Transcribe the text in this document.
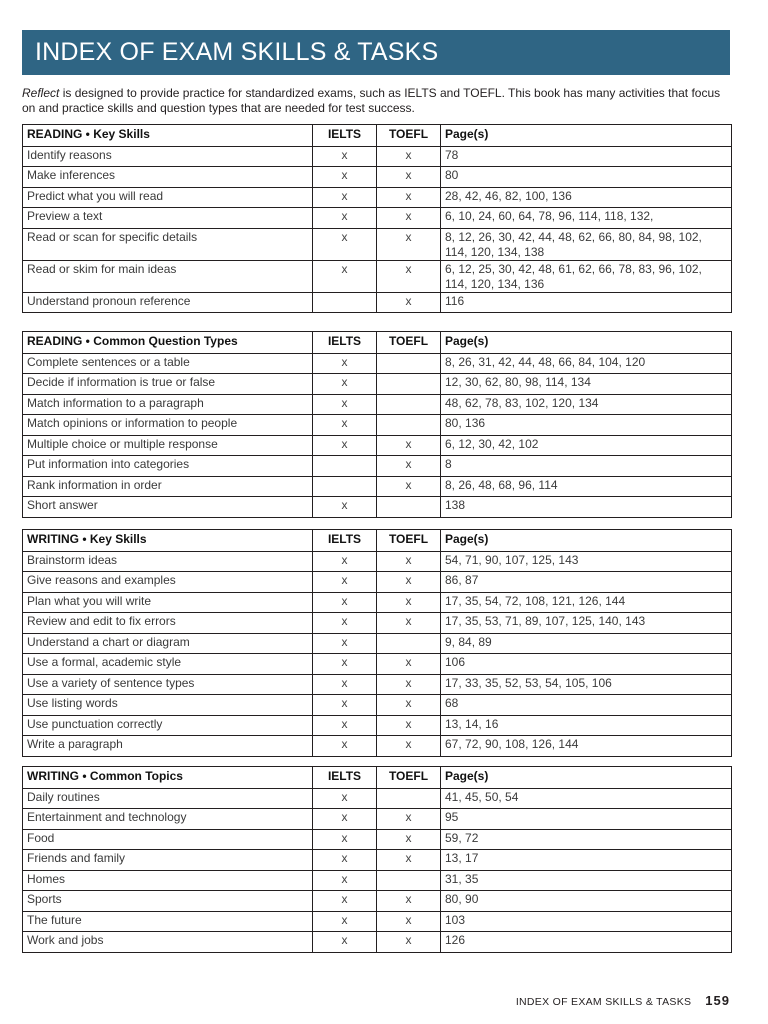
INDEX OF EXAM SKILLS & TASKS

Reflect is designed to provide practice for standardized exams, such as IELTS and TOEFL. This book has many activities that focus on and practice skills and question types that are needed for test success.

READING • Key Skills	IELTS	TOEFL	Page(s)
Identify reasons	x	x	78
Make inferences	x	x	80
Predict what you will read	x	x	28, 42, 46, 82, 100, 136
Preview a text	x	x	6, 10, 24, 60, 64, 78, 96, 114, 118, 132,
Read or scan for specific details	x	x	8, 12, 26, 30, 42, 44, 48, 62, 66, 80, 84, 98, 102, 114, 120, 134, 138
Read or skim for main ideas	x	x	6, 12, 25, 30, 42, 48, 61, 62, 66, 78, 83, 96, 102, 114, 120, 134, 136
Understand pronoun reference		x	116
READING • Common Question Types	IELTS	TOEFL	Page(s)
Complete sentences or a table	x		8, 26, 31, 42, 44, 48, 66, 84, 104, 120
Decide if information is true or false	x		12, 30, 62, 80, 98, 114, 134
Match information to a paragraph	x		48, 62, 78, 83, 102, 120, 134
Match opinions or information to people	x		80, 136
Multiple choice or multiple response	x	x	6, 12, 30, 42, 102
Put information into categories		x	8
Rank information in order		x	8, 26, 48, 68, 96, 114
Short answer	x		138
WRITING • Key Skills	IELTS	TOEFL	Page(s)
Brainstorm ideas	x	x	54, 71, 90, 107, 125, 143
Give reasons and examples	x	x	86, 87
Plan what you will write	x	x	17, 35, 54, 72, 108, 121, 126, 144
Review and edit to fix errors	x	x	17, 35, 53, 71, 89, 107, 125, 140, 143
Understand a chart or diagram	x		9, 84, 89
Use a formal, academic style	x	x	106
Use a variety of sentence types	x	x	17, 33, 35, 52, 53, 54, 105, 106
Use listing words	x	x	68
Use punctuation correctly	x	x	13, 14, 16
Write a paragraph	x	x	67, 72, 90, 108, 126, 144
WRITING • Common Topics	IELTS	TOEFL	Page(s)
Daily routines	x		41, 45, 50, 54
Entertainment and technology	x	x	95
Food	x	x	59, 72
Friends and family	x	x	13, 17
Homes	x		31, 35
Sports	x	x	80, 90
The future	x	x	103
Work and jobs	x	x	126
INDEX OF EXAM SKILLS & TASKS 159
